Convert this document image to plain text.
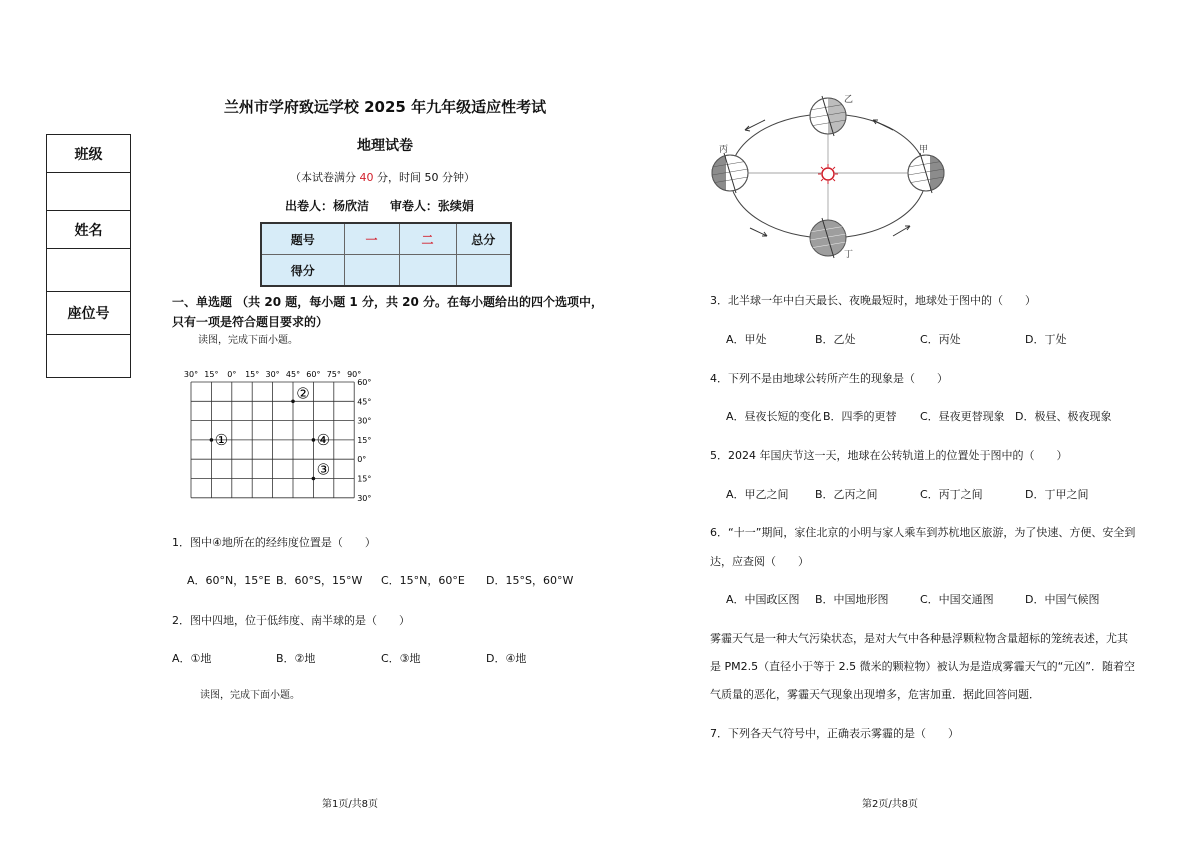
班级
姓名
座位号
兰州市学府致远学校 2025 年九年级适应性考试
地理试卷
（本试卷满分 40 分，时间 50 分钟）
出卷人：杨欣洁     审卷人：张续娟
题号	一	二	总分
得分			
一、单选题 （共 20 题，每小题 1 分，共 20 分。在每小题给出的四个选项中，
只有一项是符合题目要求的）
读图，完成下面小题。
30° 15° 0° 15° 30° 45° 60° 75° 90°
60°
45°
30°
15°
0°
15°
30°
①
②
③
④
1．图中④地所在的经纬度位置是（　　）
A．60°N，15°E B．60°S，15°W C．15°N，60°E D．15°S，60°W
2．图中四地，位于低纬度、南半球的是（　　）
A．①地	B．②地	C．③地	D．④地
读图，完成下面小题。
第1页/共8页
乙
甲
丙
丁
3．北半球一年中白天最长、夜晚最短时，地球处于图中的（　　）
A．甲处	B．乙处	C．丙处	D．丁处
4．下列不是由地球公转所产生的现象是（　　）
A．昼夜长短的变化 B．四季的更替 C．昼夜更替现象 D．极昼、极夜现象
5．2024 年国庆节这一天，地球在公转轨道上的位置处于图中的（　　）
A．甲乙之间 B．乙丙之间	C．丙丁之间	D．丁甲之间
6．“十一”期间，家住北京的小明与家人乘车到苏杭地区旅游，为了快速、方便、安全到
达，应查阅（　　）
A．中国政区图 B．中国地形图	C．中国交通图	D．中国气候图
雾霾天气是一种大气污染状态，是对大气中各种悬浮颗粒物含量超标的笼统表述，尤其
是 PM2.5（直径小于等于 2.5 微米的颗粒物）被认为是造成雾霾天气的“元凶”．随着空
气质量的恶化，雾霾天气现象出现增多，危害加重．据此回答问题．
7．下列各天气符号中，正确表示雾霾的是（　　）
第2页/共8页
